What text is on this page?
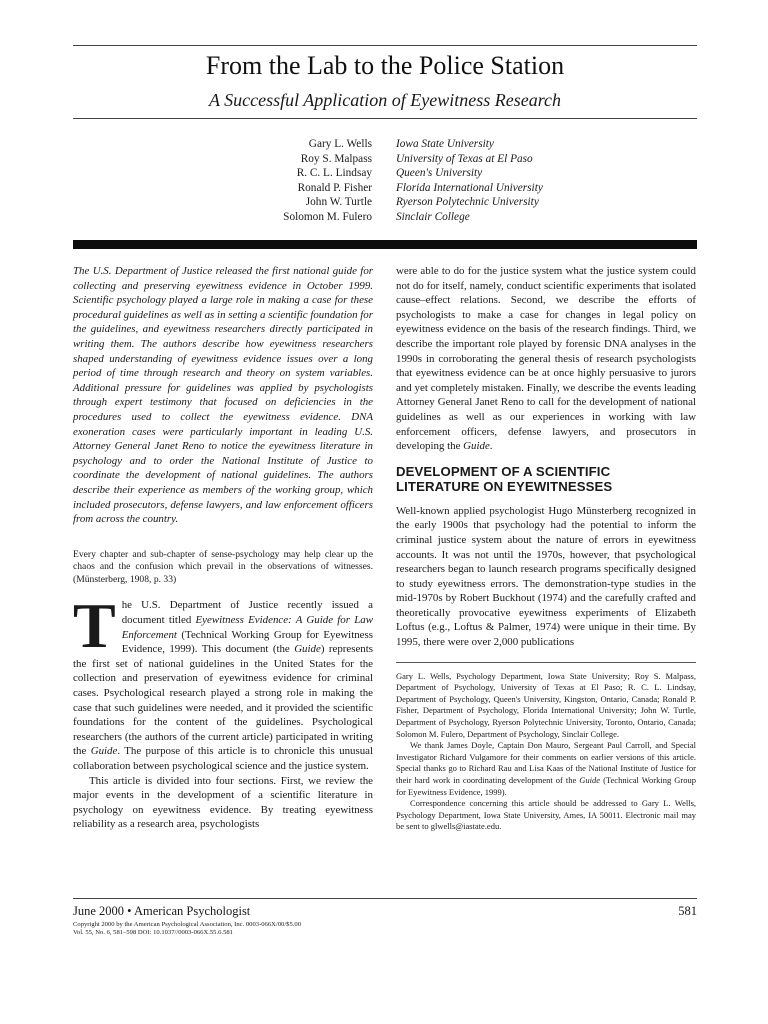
From the Lab to the Police Station
A Successful Application of Eyewitness Research
Gary L. Wells
Roy S. Malpass
R. C. L. Lindsay
Ronald P. Fisher
John W. Turtle
Solomon M. Fulero
Iowa State University
University of Texas at El Paso
Queen's University
Florida International University
Ryerson Polytechnic University
Sinclair College

The U.S. Department of Justice released the first national guide for collecting and preserving eyewitness evidence in October 1999. Scientific psychology played a large role in making a case for these procedural guidelines as well as in setting a scientific foundation for the guidelines, and eyewitness researchers directly participated in writing them. The authors describe how eyewitness researchers shaped understanding of eyewitness evidence issues over a long period of time through research and theory on system variables. Additional pressure for guidelines was applied by psychologists through expert testimony that focused on deficiencies in the procedures used to collect the eyewitness evidence. DNA exoneration cases were particularly important in leading U.S. Attorney General Janet Reno to notice the eyewitness literature in psychology and to order the National Institute of Justice to coordinate the development of national guidelines. The authors describe their experience as members of the working group, which included prosecutors, defense lawyers, and law enforcement officers from across the country.

Every chapter and sub-chapter of sense-psychology may help clear up the chaos and the confusion which prevail in the observations of witnesses. (Münsterberg, 1908, p. 33)

The U.S. Department of Justice recently issued a document titled Eyewitness Evidence: A Guide for Law Enforcement (Technical Working Group for Eyewitness Evidence, 1999). This document (the Guide) represents the first set of national guidelines in the United States for the collection and preservation of eyewitness evidence for criminal cases. Psychological research played a strong role in making the case that such guidelines were needed, and it provided the scientific foundations for the content of the guidelines. Psychological researchers (the authors of the current article) participated in writing the Guide. The purpose of this article is to chronicle this unusual collaboration between psychological science and the justice system.

This article is divided into four sections. First, we review the major events in the development of a scientific literature in psychology on eyewitness evidence. By treating eyewitness reliability as a research area, psychologists

were able to do for the justice system what the justice system could not do for itself, namely, conduct scientific experiments that isolated cause–effect relations. Second, we describe the efforts of psychologists to make a case for changes in legal policy on eyewitness evidence on the basis of the research findings. Third, we describe the important role played by forensic DNA analyses in the 1990s in corroborating the general thesis of research psychologists that eyewitness evidence can be at once highly persuasive to jurors and yet completely mistaken. Finally, we describe the events leading Attorney General Janet Reno to call for the development of national guidelines as well as our experiences in working with law enforcement officers, defense lawyers, and prosecutors in developing the Guide.

DEVELOPMENT OF A SCIENTIFIC LITERATURE ON EYEWITNESSES

Well-known applied psychologist Hugo Münsterberg recognized in the early 1900s that psychology had the potential to inform the criminal justice system about the nature of errors in eyewitness accounts. It was not until the 1970s, however, that psychological researchers began to launch research programs specifically designed to study eyewitness errors. The demonstration-type studies in the mid-1970s by Robert Buckhout (1974) and the carefully crafted and theoretically provocative eyewitness experiments of Elizabeth Loftus (e.g., Loftus & Palmer, 1974) were unique in their time. By 1995, there were over 2,000 publications

Gary L. Wells, Psychology Department, Iowa State University; Roy S. Malpass, Department of Psychology, University of Texas at El Paso; R. C. L. Lindsay, Department of Psychology, Queen's University, Kingston, Ontario, Canada; Ronald P. Fisher, Department of Psychology, Florida International University; John W. Turtle, Department of Psychology, Ryerson Polytechnic University, Toronto, Ontario, Canada; Solomon M. Fulero, Department of Psychology, Sinclair College.

We thank James Doyle, Captain Don Mauro, Sergeant Paul Carroll, and Special Investigator Richard Vulgamore for their comments on earlier versions of this article. Special thanks go to Richard Rau and Lisa Kaas of the National Institute of Justice for their hard work in coordinating development of the Guide (Technical Working Group for Eyewitness Evidence, 1999).

Correspondence concerning this article should be addressed to Gary L. Wells, Psychology Department, Iowa State University, Ames, IA 50011. Electronic mail may be sent to glwells@iastate.edu.

June 2000 • American Psychologist	581
Copyright 2000 by the American Psychological Association, Inc. 0003-066X/00/$5.00
Vol. 55, No. 6, 581–598 DOI: 10.1037//0003-066X.55.6.581
